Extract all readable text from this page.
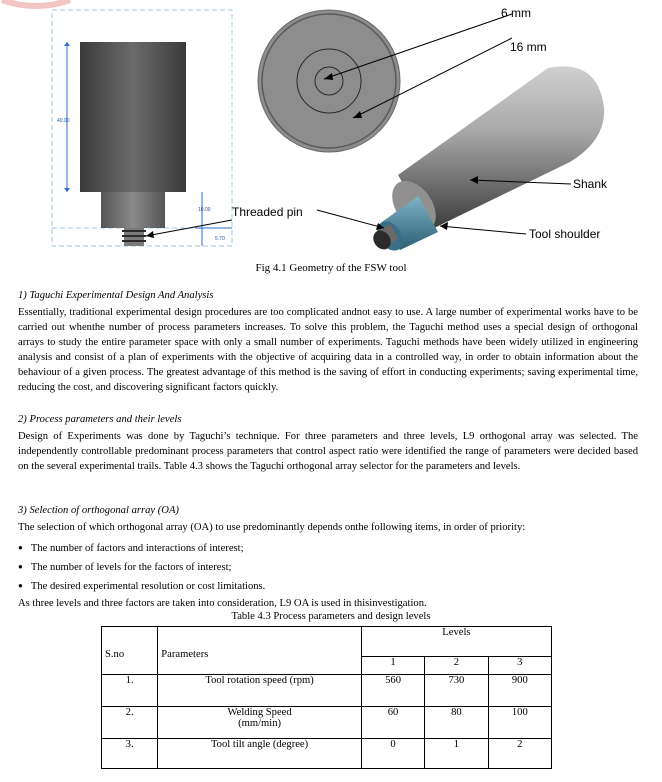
6 mm
16 mm
Shank
Threaded pin
Tool shoulder
40.00
10.00
5.70
Fig 4.1 Geometry of the FSW tool
1) Taguchi Experimental Design And Analysis
Essentially, traditional experimental design procedures are too complicated andnot easy to use. A large number of experimental works have to be carried out whenthe number of process parameters increases. To solve this problem, the Taguchi method uses a special design of orthogonal arrays to study the entire parameter space with only a small number of experiments. Taguchi methods have been widely utilized in engineering analysis and consist of a plan of experiments with the objective of acquiring data in a controlled way, in order to obtain information about the behaviour of a given process. The greatest advantage of this method is the saving of effort in conducting experiments; saving experimental time, reducing the cost, and discovering significant factors quickly.
2) Process parameters and their levels
Design of Experiments was done by Taguchi’s technique. For three parameters and three levels, L9 orthogonal array was selected. The independently controllable predominant process parameters that control aspect ratio were identified the range of parameters were decided based on the several experimental trails. Table 4.3 shows the Taguchi orthogonal array selector for the parameters and levels.
3) Selection of orthogonal array (OA)
The selection of which orthogonal array (OA) to use predominantly depends onthe following items, in order of priority:
● The number of factors and interactions of interest;
● The number of levels for the factors of interest;
● The desired experimental resolution or cost limitations.
As three levels and three factors are taken into consideration, L9 OA is used in thisinvestigation.
Table 4.3 Process parameters and design levels
S.no	Parameters	Levels		
		1	2	3
1.	Tool rotation speed (rpm)	560	730	900
2.	Welding Speed
(mm/min)	60	80	100
3.	Tool tilt angle (degree)	0	1	2
